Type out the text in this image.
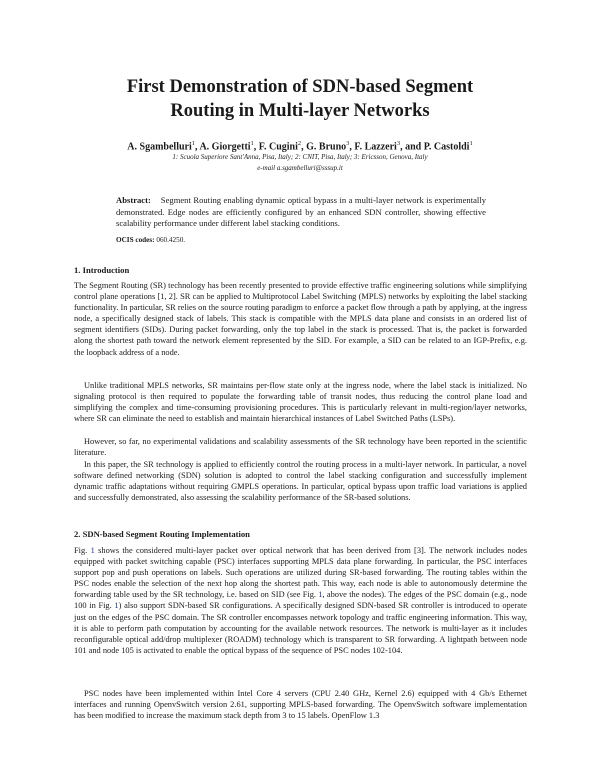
First Demonstration of SDN-based Segment
Routing in Multi-layer Networks

A. Sgambelluri$^1$, A. Giorgetti$^1$, F. Cugini$^2$, G. Bruno$^3$, F. Lazzeri$^3$, and P. Castoldi$^1$

1: Scuola Superiore Sant'Anna, Pisa, Italy; 2: CNIT, Pisa, Italy; 3: Ericsson, Genova, Italy

e-mail a.sgambelluri@sssup.it

Abstract: Segment Routing enabling dynamic optical bypass in a multi-layer network is experimentally demonstrated. Edge nodes are efficiently configured by an enhanced SDN controller, showing effective scalability performance under different label stacking conditions.

OCIS codes: 060.4250.

1. Introduction

The Segment Routing (SR) technology has been recently presented to provide effective traffic engineering solutions while simplifying control plane operations [1, 2]. SR can be applied to Multiprotocol Label Switching (MPLS) networks by exploiting the label stacking functionality. In particular, SR relies on the source routing paradigm to enforce a packet flow through a path by applying, at the ingress node, a specifically designed stack of labels. This stack is compatible with the MPLS data plane and consists in an ordered list of segment identifiers (SIDs). During packet forwarding, only the top label in the stack is processed. That is, the packet is forwarded along the shortest path toward the network element represented by the SID. For example, a SID can be related to an IGP-Prefix, e.g. the loopback address of a node.

Unlike traditional MPLS networks, SR maintains per-flow state only at the ingress node, where the label stack is initialized. No signaling protocol is then required to populate the forwarding table of transit nodes, thus reducing the control plane load and simplifying the complex and time-consuming provisioning procedures. This is particularly relevant in multi-region/layer networks, where SR can eliminate the need to establish and maintain hierarchical instances of Label Switched Paths (LSPs).

However, so far, no experimental validations and scalability assessments of the SR technology have been reported in the scientific literature.

In this paper, the SR technology is applied to efficiently control the routing process in a multi-layer network. In particular, a novel software defined networking (SDN) solution is adopted to control the label stacking configuration and successfully implement dynamic traffic adaptations without requiring GMPLS operations. In particular, optical bypass upon traffic load variations is applied and successfully demonstrated, also assessing the scalability performance of the SR-based solutions.

2. SDN-based Segment Routing Implementation

Fig. 1 shows the considered multi-layer packet over optical network that has been derived from [3]. The network includes nodes equipped with packet switching capable (PSC) interfaces supporting MPLS data plane forwarding. In particular, the PSC interfaces support pop and push operations on labels. Such operations are utilized during SR-based forwarding. The routing tables within the PSC nodes enable the selection of the next hop along the shortest path. This way, each node is able to autonomously determine the forwarding table used by the SR technology, i.e. based on SID (see Fig. 1, above the nodes). The edges of the PSC domain (e.g., node 100 in Fig. 1) also support SDN-based SR configurations. A specifically designed SDN-based SR controller is introduced to operate just on the edges of the PSC domain. The SR controller encompasses network topology and traffic engineering information. This way, it is able to perform path computation by accounting for the available network resources. The network is multi-layer as it includes reconfigurable optical add/drop multiplexer (ROADM) technology which is transparent to SR forwarding. A lightpath between node 101 and node 105 is activated to enable the optical bypass of the sequence of PSC nodes 102-104.

PSC nodes have been implemented within Intel Core 4 servers (CPU 2.40 GHz, Kernel 2.6) equipped with 4 Gb/s Ethernet interfaces and running OpenvSwitch version 2.61, supporting MPLS-based forwarding. The OpenvSwitch software implementation has been modified to increase the maximum stack depth from 3 to 15 labels. OpenFlow 1.3
